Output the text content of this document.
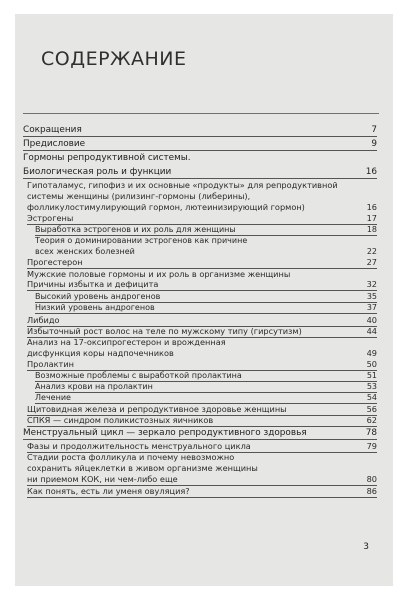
СОДЕРЖАНИЕ
Сокращения	7
Предисловие	9
Гормоны репродуктивной системы.
Биологическая роль и функции	16
Гипоталамус, гипофиз и их основные «продукты» для репродуктивной
системы женщины (рилизинг-гормоны (либерины),
фолликулостимулирующий гормон, лютеинизирующий гормон)	16
Эстрогены	17
Выработка эстрогенов и их роль для женщины	18
Теория о доминировании эстрогенов как причине
всех женских болезней	22
Прогестерон	27
Мужские половые гормоны и их роль в организме женщины
Причины избытка и дефицита	32
Высокий уровень андрогенов	35
Низкий уровень андрогенов	37
Либидо	40
Избыточный рост волос на теле по мужскому типу (гирсутизм)	44
Анализ на 17-оксипрогестерон и врожденная
дисфункция коры надпочечников	49
Пролактин	50
Возможные проблемы с выработкой пролактина	51
Анализ крови на пролактин	53
Лечение	54
Щитовидная железа и репродуктивное здоровье женщины	56
СПКЯ — синдром поликистозных яичников	62
Менструальный цикл — зеркало репродуктивного здоровья	78
Фазы и продолжительность менструального цикла	79
Стадии роста фолликула и почему невозможно
сохранить яйцеклетки в живом организме женщины
ни приемом КОК, ни чем-либо еще	80
Как понять, есть ли уменя овуляция?	86
3
